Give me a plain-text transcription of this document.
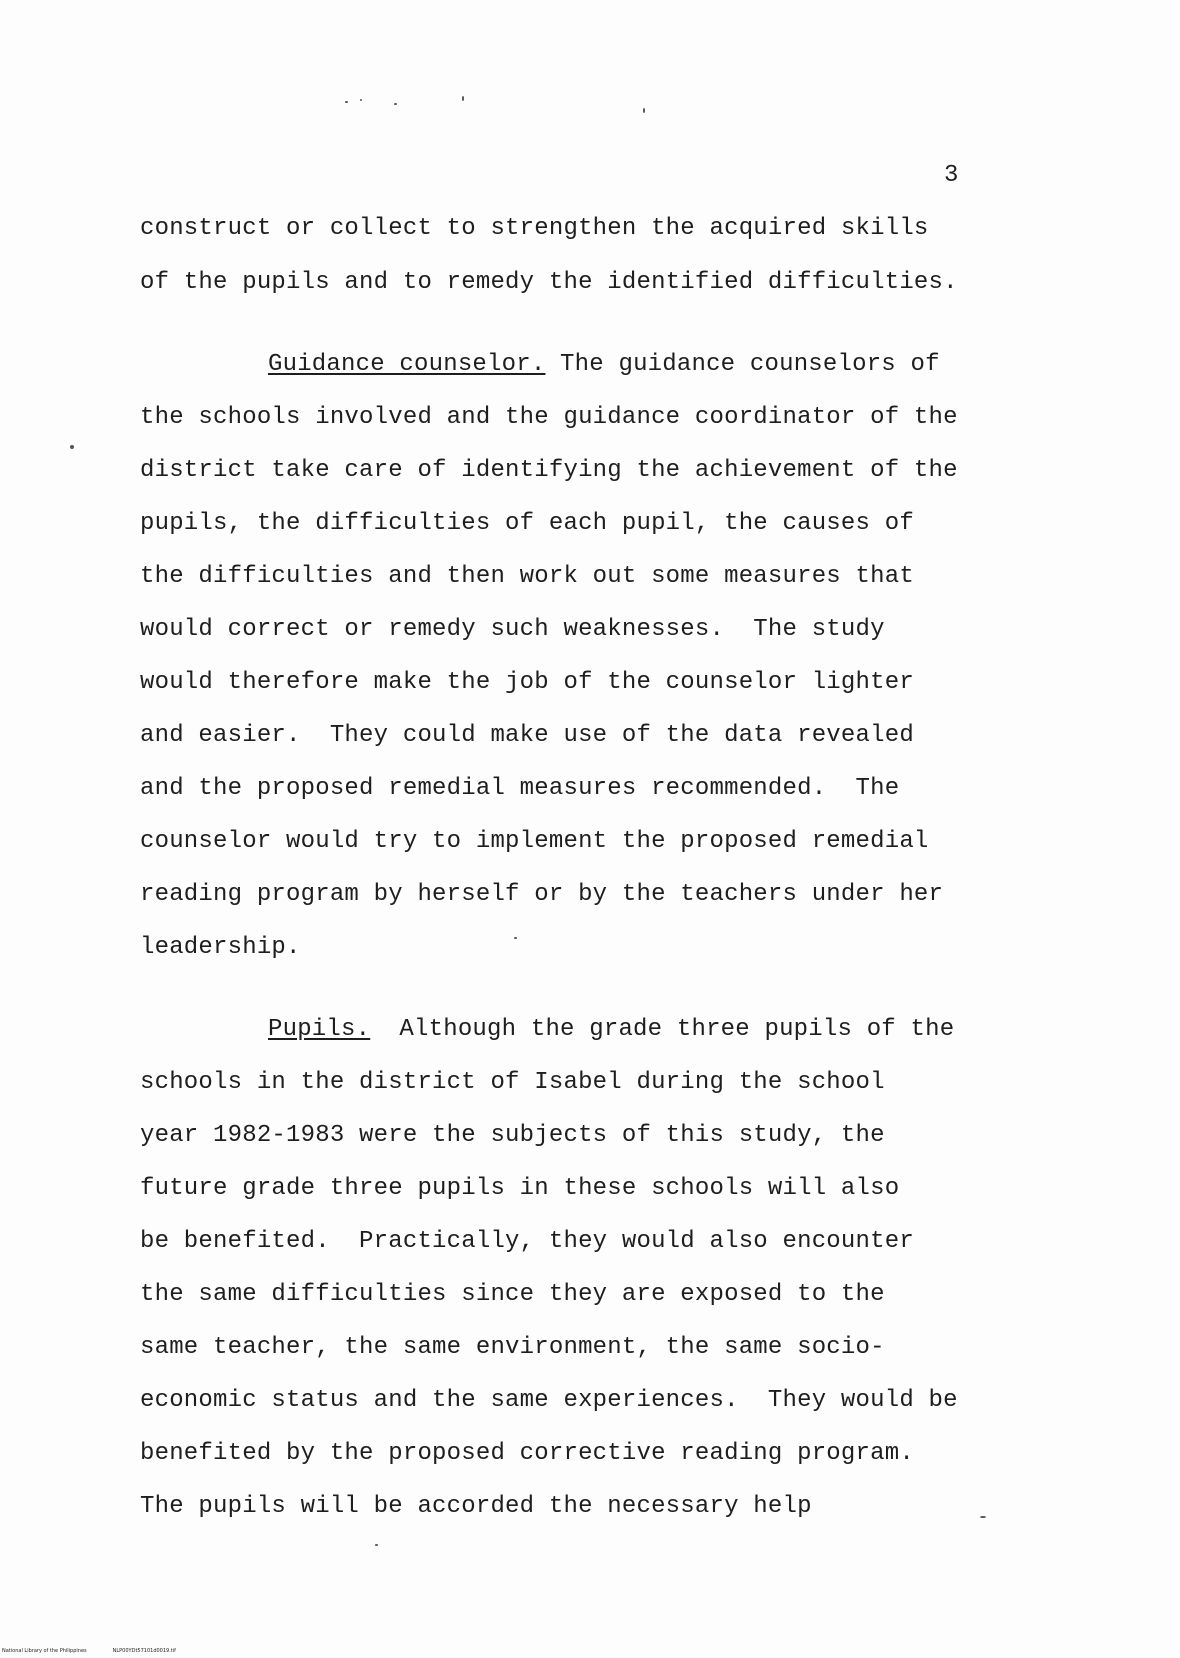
3
construct or collect to strengthen the acquired skills
of the pupils and to remedy the identified difficulties.
Guidance counselor. The guidance counselors of
the schools involved and the guidance coordinator of the
district take care of identifying the achievement of the
pupils, the difficulties of each pupil, the causes of
the difficulties and then work out some measures that
would correct or remedy such weaknesses.  The study
would therefore make the job of the counselor lighter
and easier.  They could make use of the data revealed
and the proposed remedial measures recommended.  The
counselor would try to implement the proposed remedial
reading program by herself or by the teachers under her
leadership.
Pupils.  Although the grade three pupils of the
schools in the district of Isabel during the school
year 1982-1983 were the subjects of this study, the
future grade three pupils in these schools will also
be benefited.  Practically, they would also encounter
the same difficulties since they are exposed to the
same teacher, the same environment, the same socio-
economic status and the same experiences.  They would be
benefited by the proposed corrective reading program.
The pupils will be accorded the necessary help
National Library of the Philippines	NLP00YDt57101d0019.tif
